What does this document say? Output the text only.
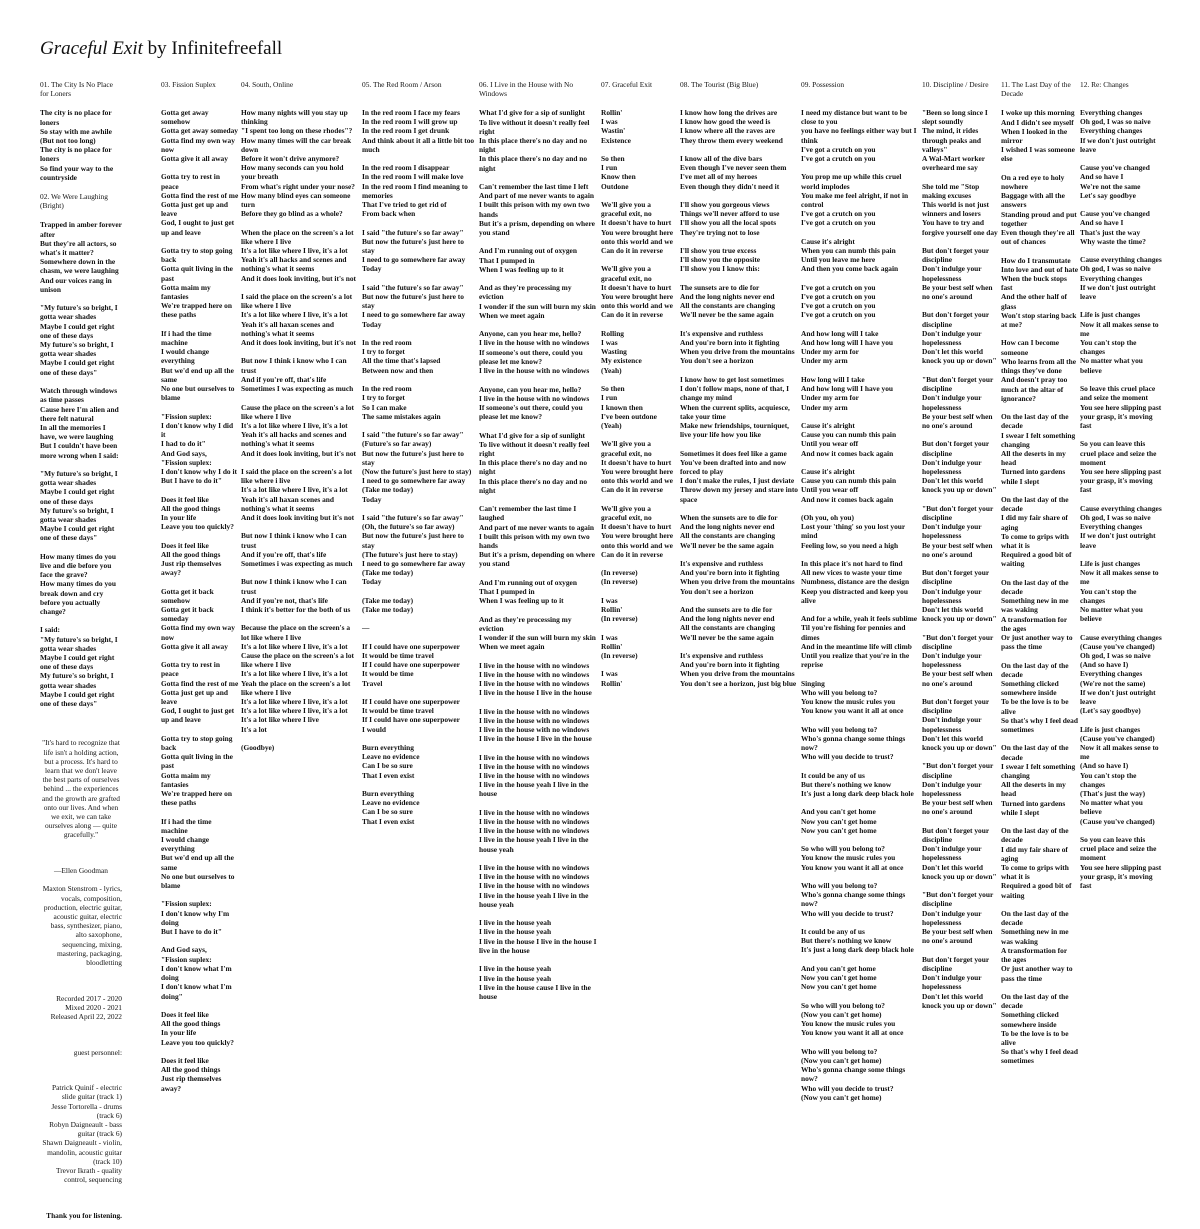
Graceful Exit by Infinitefreefall
01. The City Is No Place for Loners
The city is no place for loners
So stay with me awhile
(But not too long)
The city is no place for loners
So find your way to the countryside
02. We Were Laughing (Bright)
Trapped in amber forever after
But they're all actors, so what's it matter?
Somewhere down in the chasm, we were laughing
And our voices rang in unison

"My future's so bright, I gotta wear shades
Maybe I could get right one of these days
My future's so bright, I gotta wear shades
Maybe I could get right one of these days"

Watch through windows as time passes
Cause here I'm alien and there felt natural
In all the memories I have, we were laughing
But I couldn't have been more wrong when I said:

"My future's so bright, I gotta wear shades
Maybe I could get right one of these days
My future's so bright, I gotta wear shades
Maybe I could get right one of these days"

How many times do you live and die before you face the grave?
How many times do you break down and cry before you actually change?

I said:
"My future's so bright, I gotta wear shades
Maybe I could get right one of these days
My future's so bright, I gotta wear shades
Maybe I could get right one of these days"
03. Fission Suplex
Gotta get away somehow
Gotta get away someday
Gotta find my own way now
Gotta give it all away

Gotta try to rest in peace
Gotta find the rest of me
Gotta just get up and leave
God, I ought to just get up and leave

Gotta try to stop going back
Gotta quit living in the past
Gotta maim my fantasies
We're trapped here on these paths

If i had the time machine
I would change everything
But we'd end up all the same
No one but ourselves to blame

"Fission suplex:
I don't know why I did it
I had to do it"
And God says,
"Fission suplex:
I don't know why I do it
But I have to do it"

Does it feel like
All the good things
In your life
Leave you too quickly?

Does it feel like
All the good things
Just rip themselves away?

Gotta get it back somehow
Gotta get it back someday
Gotta find my own way now
Gotta give it all away

Gotta try to rest in peace
Gotta find the rest of me
Gotta just get up and leave
God, I ought to just get up and leave

Gotta try to stop going back
Gotta quit living in the past
Gotta maim my fantasies
We're trapped here on these paths

If i had the time machine
I would change everything
But we'd end up all the same
No one but ourselves to blame

"Fission suplex:
I don't know why I'm doing
But I have to do it"

And God says,
"Fission suplex:
I don't know what I'm doing
I don't know what I'm doing"

Does it feel like
All the good things
In your life
Leave you too quickly?

Does it feel like
All the good things
Just rip themselves away?
04. South, Online
How many nights will you stay up thinking
"I spent too long on these rhodes"?
How many times will the car break down
Before it won't drive anymore?
How many seconds can you hold your breath
From what's right under your nose?
How many blind eyes can someone turn
Before they go blind as a whole?

When the place on the screen's a lot like where I live
It's a lot like where I live, it's a lot
Yeah it's all hacks and scenes and nothing's what it seems
And it does look inviting, but it's not

I said the place on the screen's a lot like where I live
It's a lot like where I live, it's a lot
Yeah it's all haxan scenes and nothing's what it seems
And it does look inviting, but it's not

But now I think i know who I can trust
And if you're off, that's life
Sometimes I was expecting as much

Cause the place on the screen's a lot like where I live
It's a lot like where I live, it's a lot
Yeah it's all hacks and scenes and nothing's what it seems
And it does look inviting, but it's not

I said the place on the screen's a lot like where i live
It's a lot like where I live, it's a lot
Yeah it's all haxan scenes and nothing's what it seems
And it does look inviting but it's not

But now I think i know who I can trust
And if you're off, that's life
Sometimes i was expecting as much

But now I think i know who I can trust
And if you're not, that's life
I think it's better for the both of us

Because the place on the screen's a lot like where I live
It's a lot like where I live, it's a lot
Cause the place on the screen's a lot like where I live
It's a lot like where I live, it's a lot
Yeah the place on the screen's a lot like where I live
It's a lot like where I live, it's a lot
It's a lot like where I live, it's a lot
It's a lot like where I live
It's a lot

(Goodbye)
05. The Red Room / Arson
In the red room I face my fears
In the red room I will grow up
In the red room I get drunk
And think about it all a little bit too much

In the red room I disappear
In the red room I will make love
In the red room I find meaning to memories
That I've tried to get rid of
From back when

I said "the future's so far away"
But now the future's just here to stay
I need to go somewhere far away
Today

I said "the future's so far away"
But now the future's just here to stay
I need to go somewhere far away
Today

In the red room
I try to forget
All the time that's lapsed
Between now and then

In the red room
I try to forget
So I can make
The same mistakes again

I said "the future's so far away"
(Future's so far away)
But now the future's just here to stay
(Now the future's just here to stay)
I need to go somewhere far away
(Take me today)
Today

I said "the future's so far away"
(Oh, the future's so far away)
But now the future's just here to stay
(The future's just here to stay)
I need to go somewhere far away
(Take me today)
Today

(Take me today)
(Take me today)

—

If I could have one superpower
It would be time travel
If I could have one superpower
It would be time
Travel

If I could have one superpower
It would be time travel
If I could have one superpower
I would

Burn everything
Leave no evidence
Can I be so sure
That I even exist

Burn everything
Leave no evidence
Can I be so sure
That I even exist
06. I Live in the House with No Windows
What I'd give for a sip of sunlight
To live without it doesn't really feel right
In this place there's no day and no night
In this place there's no day and no night

Can't remember the last time I left
And part of me never wants to again
I built this prison with my own two hands
But it's a prism, depending on where you stand

And I'm running out of oxygen
That I pumped in
When I was feeling up to it

And as they're processing my eviction
I wonder if the sun will burn my skin
When we meet again

Anyone, can you hear me, hello?
I live in the house with no windows
If someone's out there, could you please let me know?
I live in the house with no windows

Anyone, can you hear me, hello?
I live in the house with no windows
If someone's out there, could you please let me know?

What I'd give for a sip of sunlight
To live without it doesn't really feel right
In this place there's no day and no night
In this place there's no day and no night

Can't remember the last time I laughed
And part of me never wants to again
I built this prison with my own two hands
But it's a prism, depending on where you stand

And I'm running out of oxygen
That I pumped in
When I was feeling up to it

And as they're processing my eviction
I wonder if the sun will burn my skin
When we meet again

I live in the house with no windows
I live in the house with no windows
I live in the house with no windows
I live in the house I live in the house

I live in the house with no windows
I live in the house with no windows
I live in the house with no windows
I live in the house I live in the house

I live in the house with no windows
I live in the house with no windows
I live in the house with no windows
I live in the house yeah I live in the house

I live in the house with no windows
I live in the house with no windows
I live in the house with no windows
I live in the house yeah I live in the house yeah

I live in the house with no windows
I live in the house with no windows
I live in the house with no windows
I live in the house yeah I live in the house yeah

I live in the house yeah
I live in the house yeah
I live in the house I live in the house I live in the house

I live in the house yeah
I live in the house yeah
I live in the house cause I live in the house
07. Graceful Exit
Rollin'
I was
Wastin'
Existence

So then
I run
Know then
Outdone

We'll give you a graceful exit, no
It doesn't have to hurt
You were brought here onto this world and we
Can do it in reverse

We'll give you a graceful exit, no
It doesn't have to hurt
You were brought here onto this world and we
Can do it in reverse

Rolling
I was
Wasting
My existence
(Yeah)

So then
I run
I known then
I've been outdone
(Yeah)

We'll give you a graceful exit, no
It doesn't have to hurt
You were brought here onto this world and we
Can do it in reverse

We'll give you a graceful exit, no
It doesn't have to hurt
You were brought here onto this world and we
Can do it in reverse

(In reverse)
(In reverse)

I was
Rollin'
(In reverse)

I was
Rollin'
(In reverse)

I was
Rollin'
08. The Tourist (Big Blue)
I know how long the drives are
I know how good the weed is
I know where all the raves are
They throw them every weekend

I know all of the dive bars
Even though I've never seen them
I've met all of my heroes
Even though they didn't need it

I'll show you gorgeous views
Things we'll never afford to use
I'll show you all the local spots
They're trying not to lose

I'll show you true excess
I'll show you the opposite
I'll show you I know this:

The sunsets are to die for
And the long nights never end
All the constants are changing
We'll never be the same again

It's expensive and ruthless
And you're born into it fighting
When you drive from the mountains
You don't see a horizon

I know how to get lost sometimes
I don't follow maps, none of that, I change my mind
When the current splits, acquiesce, take your time
Make new friendships, tourniquet, live your life how you like

Sometimes it does feel like a game
You've been drafted into and now forced to play
I don't make the rules, I just deviate
Throw down my jersey and stare into space

When the sunsets are to die for
And the long nights never end
All the constants are changing
We'll never be the same again

It's expensive and ruthless
And you're born into it fighting
When you drive from the mountains
You don't see a horizon

And the sunsets are to die for
And the long nights never end
All the constants are changing
We'll never be the same again

It's expensive and ruthless
And you're born into it fighting
When you drive from the mountains
You don't see a horizon, just big blue
09. Possession
I need my distance but want to be close to you
you have no feelings either way but I think
I've got a crutch on you
I've got a crutch on you

You prop me up while this cruel world implodes
You make me feel alright, if not in control
I've got a crutch on you
I've got a crutch on you

Cause it's alright
When you can numb this pain
Until you leave me here
And then you come back again

I've got a crutch on you
I've got a crutch on you
I've got a crutch on you
I've got a crutch on you

And how long will I take
And how long will I have you
Under my arm for
Under my arm

How long will I take
And how long will I have you
Under my arm for
Under my arm

Cause it's alright
Cause you can numb this pain
Until you wear off
And now it comes back again

Cause it's alright
Cause you can numb this pain
Until you wear off
And now it comes back again

(Oh you, oh you)
Lost your 'thing' so you lost your mind
Feeling low, so you need a high

In this place it's not hard to find
All new vices to waste your time
Numbness, distance are the design
Keep you distracted and keep you alive

And for a while, yeah it feels sublime
Til you're fishing for pennies and dimes
And in the meantime life will climb
Until you realize that you're in the reprise

Singing
Who will you belong to?
You know the music rules you
You know you want it all at once

Who will you belong to?
Who's gonna change some things now?
Who will you decide to trust?

It could be any of us
But there's nothing we know
It's just a long dark deep black hole

And you can't get home
Now you can't get home
Now you can't get home

So who will you belong to?
You know the music rules you
You know you want it all at once

Who will you belong to?
Who's gonna change some things now?
Who will you decide to trust?

It could be any of us
But there's nothing we know
It's just a long dark deep black hole

And you can't get home
Now you can't get home
Now you can't get home

So who will you belong to?
(Now you can't get home)
You know the music rules you
You know you want it all at once

Who will you belong to?
(Now you can't get home)
Who's gonna change some things now?
Who will you decide to trust?
(Now you can't get home)
10. Discipline / Desire
"Been so long since I slept soundly
The mind, it rides through peaks and valleys"
A Wal-Mart worker overheard me say

She told me "Stop making excuses
This world is not just winners and losers
You have to try and forgive yourself one day

But don't forget your discipline
Don't indulge your hopelessness
Be your best self when no one's around

But don't forget your discipline
Don't indulge your hopelessness
Don't let this world knock you up or down"

"But don't forget your discipline
Don't indulge your hopelessness
Be your best self when no one's around

But don't forget your discipline
Don't indulge your hopelessness
Don't let this world knock you up or down"

"But don't forget your discipline
Don't indulge your hopelessness
Be your best self when no one's around

But don't forget your discipline
Don't indulge your hopelessness
Don't let this world knock you up or down"

"But don't forget your discipline
Don't indulge your hopelessness
Be your best self when no one's around

But don't forget your discipline
Don't indulge your hopelessness
Don't let this world knock you up or down"

"But don't forget your discipline
Don't indulge your hopelessness
Be your best self when no one's around

But don't forget your discipline
Don't indulge your hopelessness
Don't let this world knock you up or down"

"But don't forget your discipline
Don't indulge your hopelessness
Be your best self when no one's around

But don't forget your discipline
Don't indulge your hopelessness
Don't let this world knock you up or down"
11. The Last Day of the Decade
I woke up this morning
And I didn't see myself
When I looked in the mirror
I wished I was someone else

On a red eye to holy nowhere
Baggage with all the answers
Standing proud and put together
Even though they're all out of chances

How do I transmutate
Into love and out of hate
When the buck stops fast
And the other half of glass
Won't stop staring back at me?

How can I become someone
Who learns from all the things they've done
And doesn't pray too much at the altar of ignorance?

On the last day of the decade
I swear I felt something changing
All the deserts in my head
Turned into gardens while I slept

On the last day of the decade
I did my fair share of aging
To come to grips with what it is
Required a good bit of waiting

On the last day of the decade
Something new in me was waking
A transformation for the ages
Or just another way to pass the time

On the last day of the decade
Something clicked somewhere inside
To be the love is to be alive
So that's why I feel dead sometimes

On the last day of the decade
I swear I felt something changing
All the deserts in my head
Turned into gardens while I slept

On the last day of the decade
I did my fair share of aging
To come to grips with what it is
Required a good bit of waiting

On the last day of the decade
Something new in me was waking
A transformation for the ages
Or just another way to pass the time

On the last day of the decade
Something clicked somewhere inside
To be the love is to be alive
So that's why I feel dead sometimes
12. Re: Changes
Everything changes
Oh god, I was so naive
Everything changes
If we don't just outright leave

Cause you've changed
And so have I
We're not the same
Let's say goodbye

Cause you've changed
And so have I
That's just the way
Why waste the time?

Cause everything changes
Oh god, I was so naive
Everything changes
If we don't just outright leave

Life is just changes
Now it all makes sense to me
You can't stop the changes
No matter what you believe

So leave this cruel place and seize the moment
You see here slipping past your grasp, it's moving fast

So you can leave this cruel place and seize the moment
You see here slipping past your grasp, it's moving fast

Cause everything changes
Oh god, I was so naive
Everything changes
If we don't just outright leave

Life is just changes
Now it all makes sense to me
You can't stop the changes
No matter what you believe

Cause everything changes
(Cause you've changed)
Oh god, I was so naive
(And so have I)
Everything changes
(We're not the same)
If we don't just outright leave
(Let's say goodbye)

Life is just changes
(Cause you've changed)
Now it all makes sense to me
(And so have I)
You can't stop the changes
(That's just the way)
No matter what you believe
(Cause you've changed)

So you can leave this cruel place and seize the moment
You see here slipping past your grasp, it's moving fast

"It's hard to recognize that life isn't a holding action, but a process. It's hard to learn that we don't leave the best parts of ourselves behind ... the experiences and the growth are grafted onto our lives. And when we exit, we can take ourselves along — quite gracefully."

—Ellen Goodman

Maxton Stenstrom - lyrics, vocals, composition, production, electric guitar, acoustic guitar, electric bass, synthesizer, piano, alto saxophone, sequencing, mixing, mastering, packaging, bloodletting

Recorded 2017 - 2020
Mixed 2020 - 2021
Released April 22, 2022

guest personnel:

Patrick Quinif - electric slide guitar (track 1)
Jesse Tortorella - drums (track 6)
Robyn Daigneault - bass guitar (track 6)
Shawn Daigneault - violin, mandolin, acoustic guitar (track 10)
Trevor Ikrath - quality control, sequencing

Thank you for listening.
